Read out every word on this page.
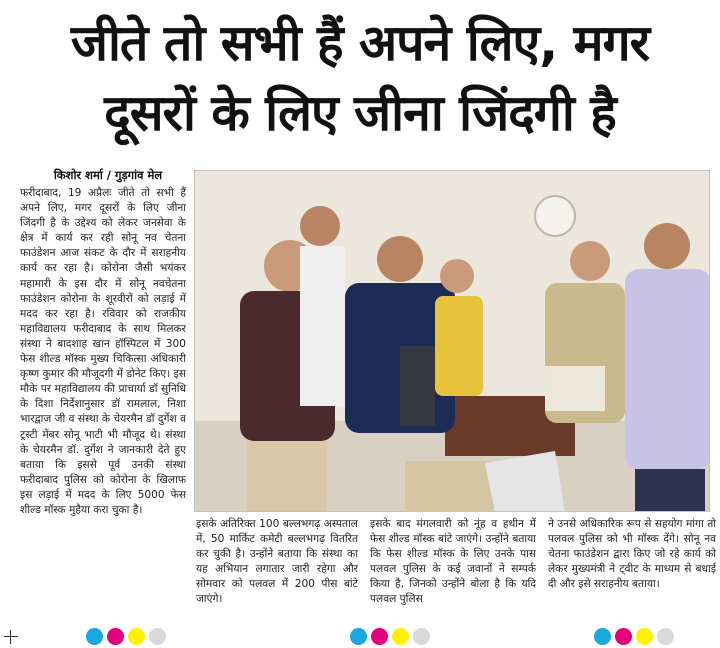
जीते तो सभी हैं अपने लिए, मगर
दूसरों के लिए जीना जिंदगी है
किशोर शर्मा / गुड़गांव मेल
फरीदाबाद, 19 अप्रैलः जीते तो सभी हैं अपने लिए, मगर दूसरों के लिए जीना जिंदगी है के उद्देश्य को लेकर जनसेवा के क्षेत्र में कार्य कर रही सोनू नव चेतना फाउंडेशन आज संकट के दौर में सराहनीय कार्य कर रहा है। कोरोना जैसी भयंकर महामारी के इस दौर में सोनू नवचेतना फाउंडेशन कोरोना के शूरवीरों को लड़ाई में मदद कर रहा है। रविवार को राजकीय महाविद्यालय फरीदाबाद के साथ मिलकर संस्था ने बादशाह खान हॉस्पिटल में 300 फेस शील्ड मॉस्क मुख्य चिकित्सा अधिकारी कृष्ण कुमार की मौजूदगी में डोनेट किए। इस मौके पर महाविद्यालय की प्राचार्या डॉ सुनिधि के दिशा निर्देशानुसार डॉ रामलाल, निशा भारद्वाज जी व संस्था के चेयरमैन डॉ दुर्गेश व ट्रस्टी मेंबर सोनू भाटी भी मौजूद थे। संस्था के चेयरमैन डॉ. दुर्गेश ने जानकारी देते हुए बताया कि इससे पूर्व उनकी संस्था फरीदाबाद पुलिस को कोरोना के खिलाफ इस लड़ाई में मदद के लिए 5000 फेस शील्ड मॉस्क मुहैया करा चुका है।
इसके अतिरिक्त 100 बल्लभगढ़ अस्पताल में, 50 मार्किट कमेटी बल्लभगढ़ वितरित कर चुकी है। उन्होंने बताया कि संस्था का यह अभियान लगातार जारी रहेगा और सोमवार को पलवल में 200 पीस बांटे जाएंगे।
इसके बाद मंगलवारी को नूंह व हथीन में फेस शील्ड मॉस्क बांटे जाएंगे। उन्होंने बताया कि फेस शील्ड मॉस्क के लिए उनके पास पलवल पुलिस के कई जवानों ने सम्पर्क किया है, जिनको उन्होंने बोला है कि यदि पलवल पुलिस
ने उनसे अधिकारिक रूप से सहयोग मांगा तो पलवल पुलिस को भी मॉस्क देंगे। सोनू नव चेतना फाउंडेशन द्वारा किए जो रहे कार्य को लेकर मुख्यमंत्री ने ट्वीट के माध्यम से बधाई दी और इसे सराहनीय बताया।
